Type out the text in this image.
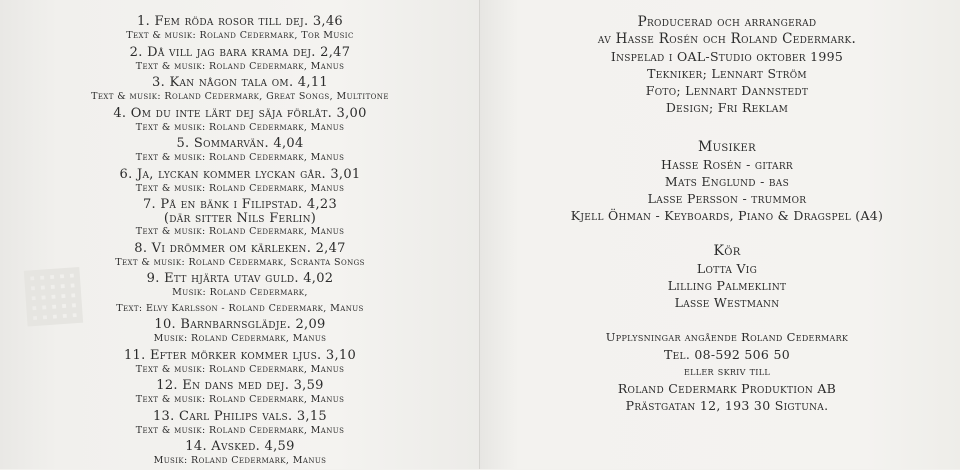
▦
1. Fem röda rosor till dej. 3,46
Text & musik: Roland Cedermark, Tor Music
2. Då vill jag bara krama dej. 2,47
Text & musik: Roland Cedermark, Manus
3. Kan någon tala om. 4,11
Text & musik: Roland Cedermark, Great Songs, Multitone
4. Om du inte lärt dej säja förlåt. 3,00
Text & musik: Roland Cedermark, Manus
5. Sommarvän. 4,04
Text & musik: Roland Cedermark, Manus
6. Ja, lyckan kommer lyckan går. 3,01
Text & musik: Roland Cedermark, Manus
7. På en bänk i Filipstad. 4,23
(där sitter Nils Ferlin)
Text & musik: Roland Cedermark, Manus
8. Vi drömmer om kärleken. 2,47
Text & musik: Roland Cedermark, Scranta Songs
9. Ett hjärta utav guld. 4,02
Musik: Roland Cedermark,
Text: Elvy Karlsson - Roland Cedermark, Manus
10. Barnbarnsglädje. 2,09
Musik: Roland Cedermark, Manus
11. Efter mörker kommer ljus. 3,10
Text & musik: Roland Cedermark, Manus
12. En dans med dej. 3,59
Text & musik: Roland Cedermark, Manus
13. Carl Philips vals. 3,15
Text & musik: Roland Cedermark, Manus
14. Avsked. 4,59
Musik: Roland Cedermark, Manus
Producerad och arrangerad
av Hasse Rosén och Roland Cedermark.
Inspelad i OAL-Studio oktober 1995
Tekniker; Lennart Ström
Foto; Lennart Dannstedt
Design; Fri Reklam
Musiker
Hasse Rosén - gitarr
Mats Englund - bas
Lasse Persson - trummor
Kjell Öhman - Keyboards, Piano & Dragspel (A4)
Kör
Lotta Vig
Lilling Palmeklint
Lasse Westmann
Upplysningar angående Roland Cedermark
Tel. 08-592 506 50
eller skriv till
Roland Cedermark Produktion AB
Prästgatan 12, 193 30 Sigtuna.
